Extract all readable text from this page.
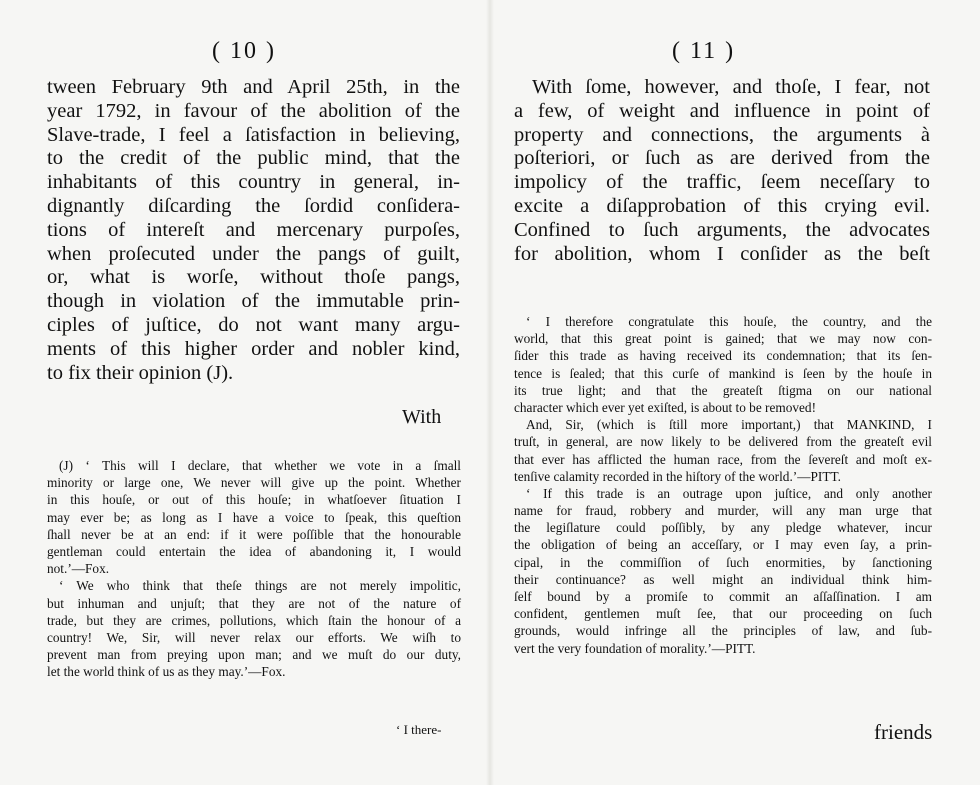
( 10 )
tween February 9th and April 25th, in the
year 1792, in favour of the abolition of the
Slave-trade, I feel a ſatisfaction in believing,
to the credit of the public mind, that the
inhabitants of this country in general, in-
dignantly diſcarding the ſordid conſidera-
tions of intereſt and mercenary purpoſes,
when proſecuted under the pangs of guilt,
or, what is worſe, without thoſe pangs,
though in violation of the immutable prin-
ciples of juſtice, do not want many argu-
ments of this higher order and nobler kind,
to fix their opinion (J).
With
(J) ‘ This will I declare, that whether we vote in a ſmall
minority or large one, We never will give up the point. Whether
in this houſe, or out of this houſe; in whatſoever ſituation I
may ever be; as long as I have a voice to ſpeak, this queſtion
ſhall never be at an end: if it were poſſible that the honourable
gentleman could entertain the idea of abandoning it, I would
not.’—Fox.
‘ We who think that theſe things are not merely impolitic,
but inhuman and unjuſt; that they are not of the nature of
trade, but they are crimes, pollutions, which ſtain the honour of a
country! We, Sir, will never relax our efforts. We wiſh to
prevent man from preying upon man; and we muſt do our duty,
let the world think of us as they may.’—Fox.
‘ I there-
( 11 )
With ſome, however, and thoſe, I fear, not
a few, of weight and influence in point of
property and connections, the arguments à
poſteriori, or ſuch as are derived from the
impolicy of the traffic, ſeem neceſſary to
excite a diſapprobation of this crying evil.
Confined to ſuch arguments, the advocates
for abolition, whom I conſider as the beſt
‘ I therefore congratulate this houſe, the country, and the
world, that this great point is gained; that we may now con-
ſider this trade as having received its condemnation; that its ſen-
tence is ſealed; that this curſe of mankind is ſeen by the houſe in
its true light; and that the greateſt ſtigma on our national
character which ever yet exiſted, is about to be removed!
And, Sir, (which is ſtill more important,) that MANKIND, I
truſt, in general, are now likely to be delivered from the greateſt evil
that ever has afflicted the human race, from the ſevereſt and moſt ex-
tenſive calamity recorded in the hiſtory of the world.’—PITT.
‘ If this trade is an outrage upon juſtice, and only another
name for fraud, robbery and murder, will any man urge that
the legiſlature could poſſibly, by any pledge whatever, incur
the obligation of being an acceſſary, or I may even ſay, a prin-
cipal, in the commiſſion of ſuch enormities, by ſanctioning
their continuance? as well might an individual think him-
ſelf bound by a promiſe to commit an aſſaſſination. I am
confident, gentlemen muſt ſee, that our proceeding on ſuch
grounds, would infringe all the principles of law, and ſub-
vert the very foundation of morality.’—PITT.
friends
